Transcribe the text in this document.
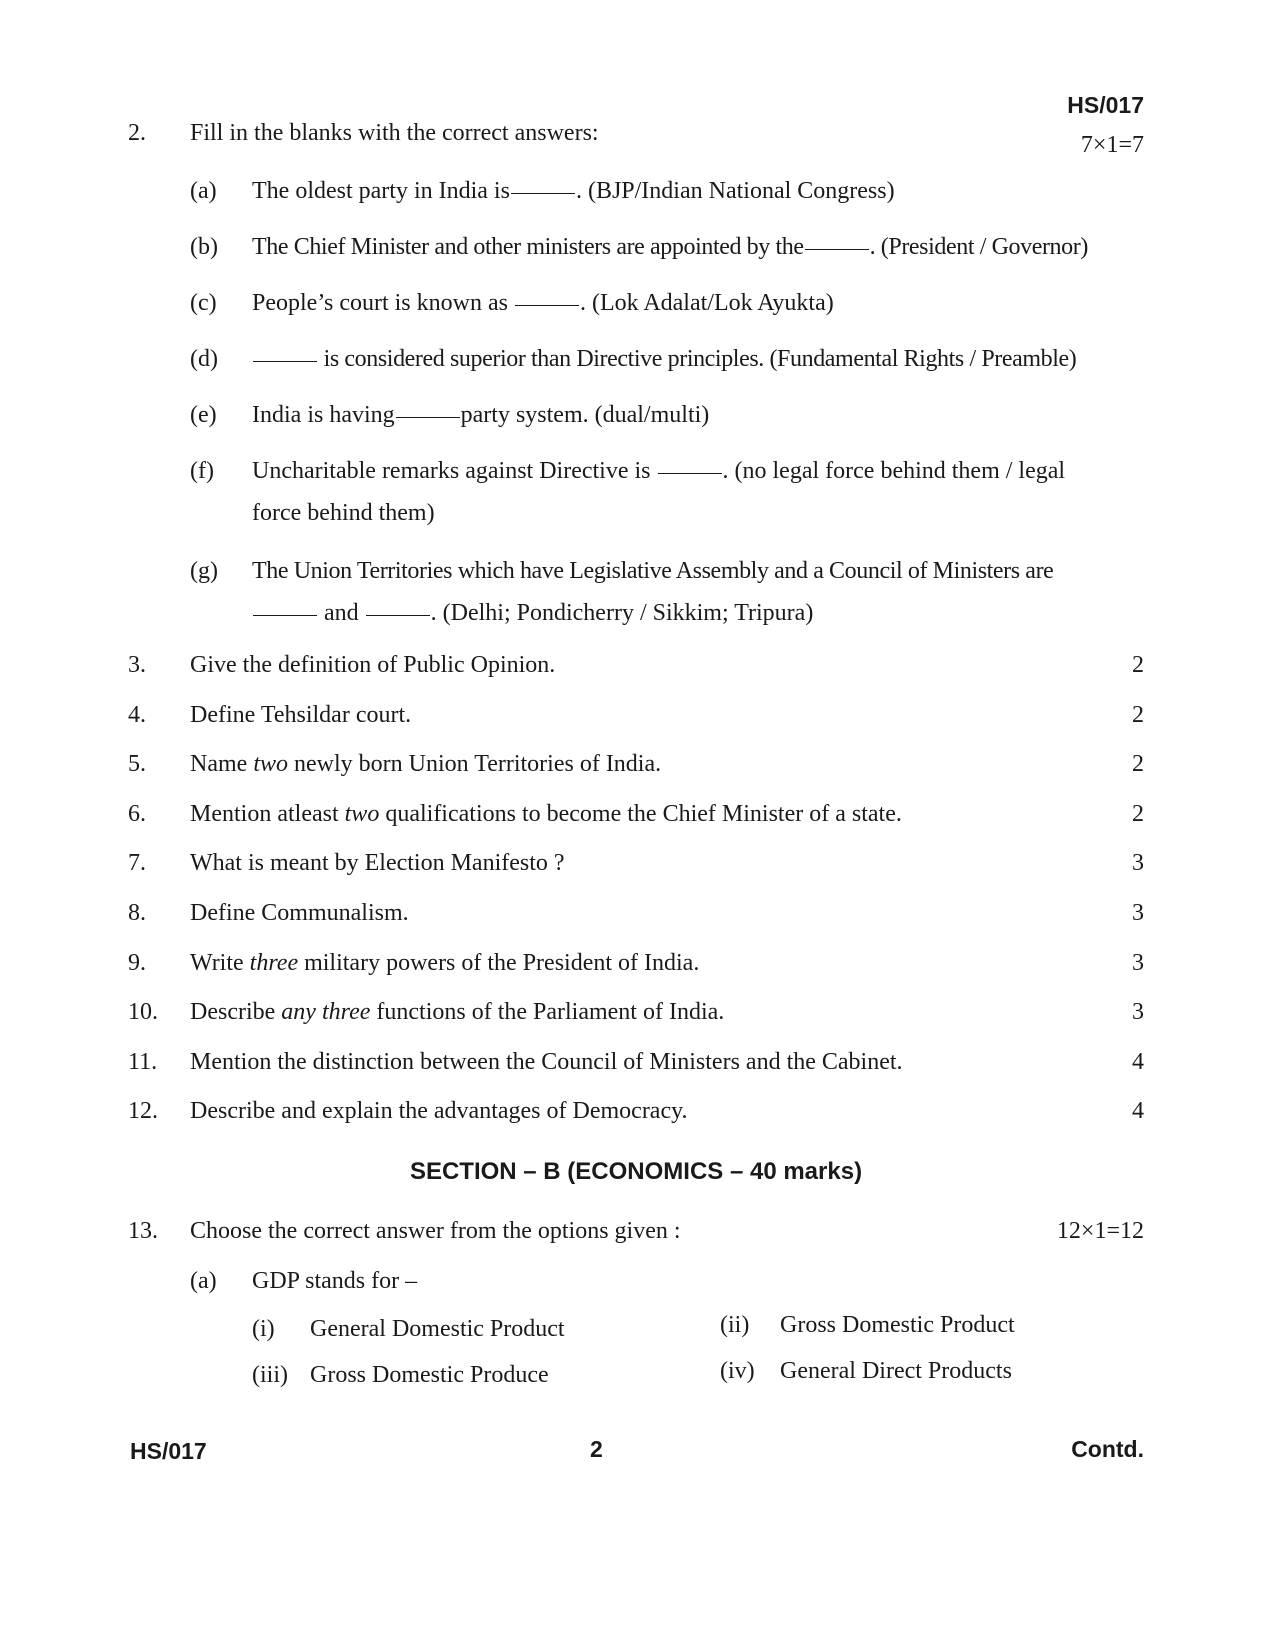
HS/017
2. Fill in the blanks with the correct answers:	7×1=7
(a) The oldest party in India is	. (BJP/Indian National Congress)
(b) The Chief Minister and other ministers are appointed by the	. (President / Governor)
(c) People’s court is known as	. (Lok Adalat/Lok Ayukta)
(d)	is considered superior than Directive principles. (Fundamental Rights / Preamble)
(e) India is having	party system. (dual/multi)
(f) Uncharitable remarks against Directive is	. (no legal force behind them / legal
force behind them)
(g) The Union Territories which have Legislative Assembly and a Council of Ministers are
and	. (Delhi; Pondicherry / Sikkim; Tripura)
3. Give the definition of Public Opinion.	2
4. Define Tehsildar court.	2
5. Name two newly born Union Territories of India.	2
6. Mention atleast two qualifications to become the Chief Minister of a state.	2
7. What is meant by Election Manifesto ?	3
8. Define Communalism.	3
9. Write three military powers of the President of India.	3
10. Describe any three functions of the Parliament of India.	3
11. Mention the distinction between the Council of Ministers and the Cabinet.	4
12. Describe and explain the advantages of Democracy.	4
SECTION – B (ECONOMICS – 40 marks)
13. Choose the correct answer from the options given :	12×1=12
(a) GDP stands for –
(i) General Domestic Product	(ii) Gross Domestic Product
(iii) Gross Domestic Produce	(iv) General Direct Products
HS/017	2	Contd.
